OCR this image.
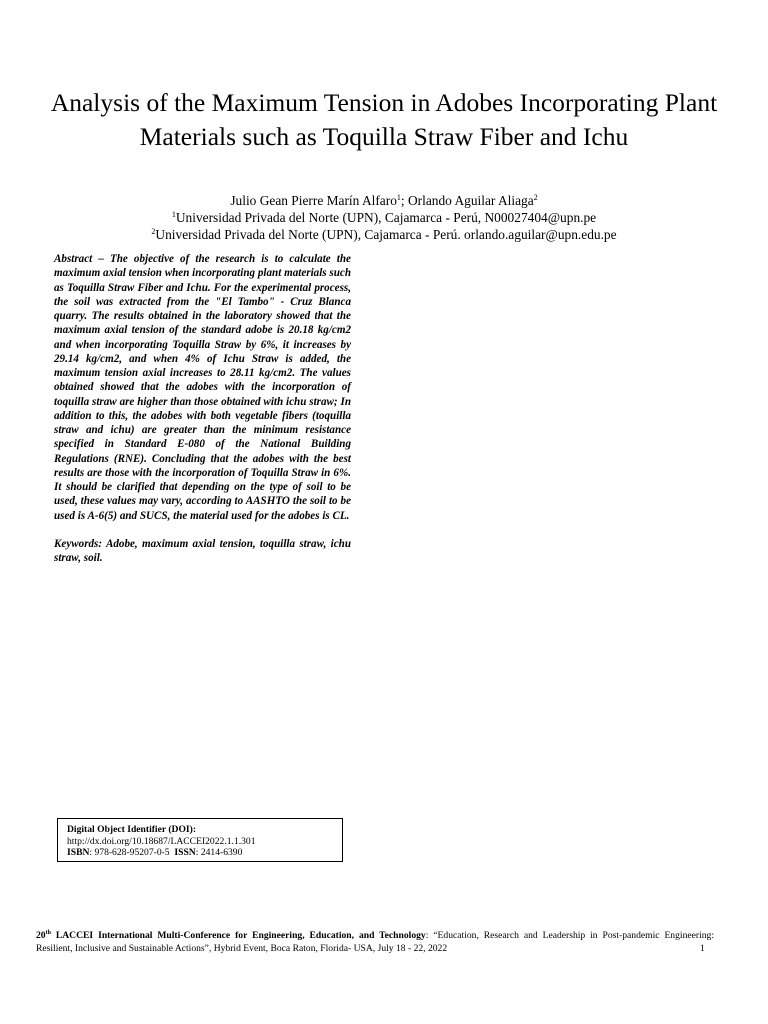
Analysis of the Maximum Tension in Adobes Incorporating Plant Materials such as Toquilla Straw Fiber and Ichu
Julio Gean Pierre Marín Alfaro$^1$; Orlando Aguilar Aliaga$^2$
$^1$Universidad Privada del Norte (UPN), Cajamarca - Perú, N00027404@upn.pe
$^2$Universidad Privada del Norte (UPN), Cajamarca - Perú. orlando.aguilar@upn.edu.pe

Abstract – The objective of the research is to calculate the maximum axial tension when incorporating plant materials such as Toquilla Straw Fiber and Ichu. For the experimental process, the soil was extracted from the "El Tambo" - Cruz Blanca quarry. The results obtained in the laboratory showed that the maximum axial tension of the standard adobe is 20.18 kg/cm2 and when incorporating Toquilla Straw by 6%, it increases by 29.14 kg/cm2, and when 4% of Ichu Straw is added, the maximum tension axial increases to 28.11 kg/cm2. The values obtained showed that the adobes with the incorporation of toquilla straw are higher than those obtained with ichu straw; In addition to this, the adobes with both vegetable fibers (toquilla straw and ichu) are greater than the minimum resistance specified in Standard E-080 of the National Building Regulations (RNE). Concluding that the adobes with the best results are those with the incorporation of Toquilla Straw in 6%. It should be clarified that depending on the type of soil to be used, these values may vary, according to AASHTO the soil to be used is A-6(5) and SUCS, the material used for the adobes is CL.

Keywords: Adobe, maximum axial tension, toquilla straw, ichu straw, soil.

Digital Object Identifier (DOI):
http://dx.doi.org/10.18687/LACCEI2022.1.1.301
ISBN: 978-628-95207-0-5 ISSN: 2414-6390
20th LACCEI International Multi-Conference for Engineering, Education, and Technology: “Education, Research and Leadership in Post-pandemic Engineering: Resilient, Inclusive and Sustainable Actions”, Hybrid Event, Boca Raton, Florida- USA, July 18 - 22, 2022	1
